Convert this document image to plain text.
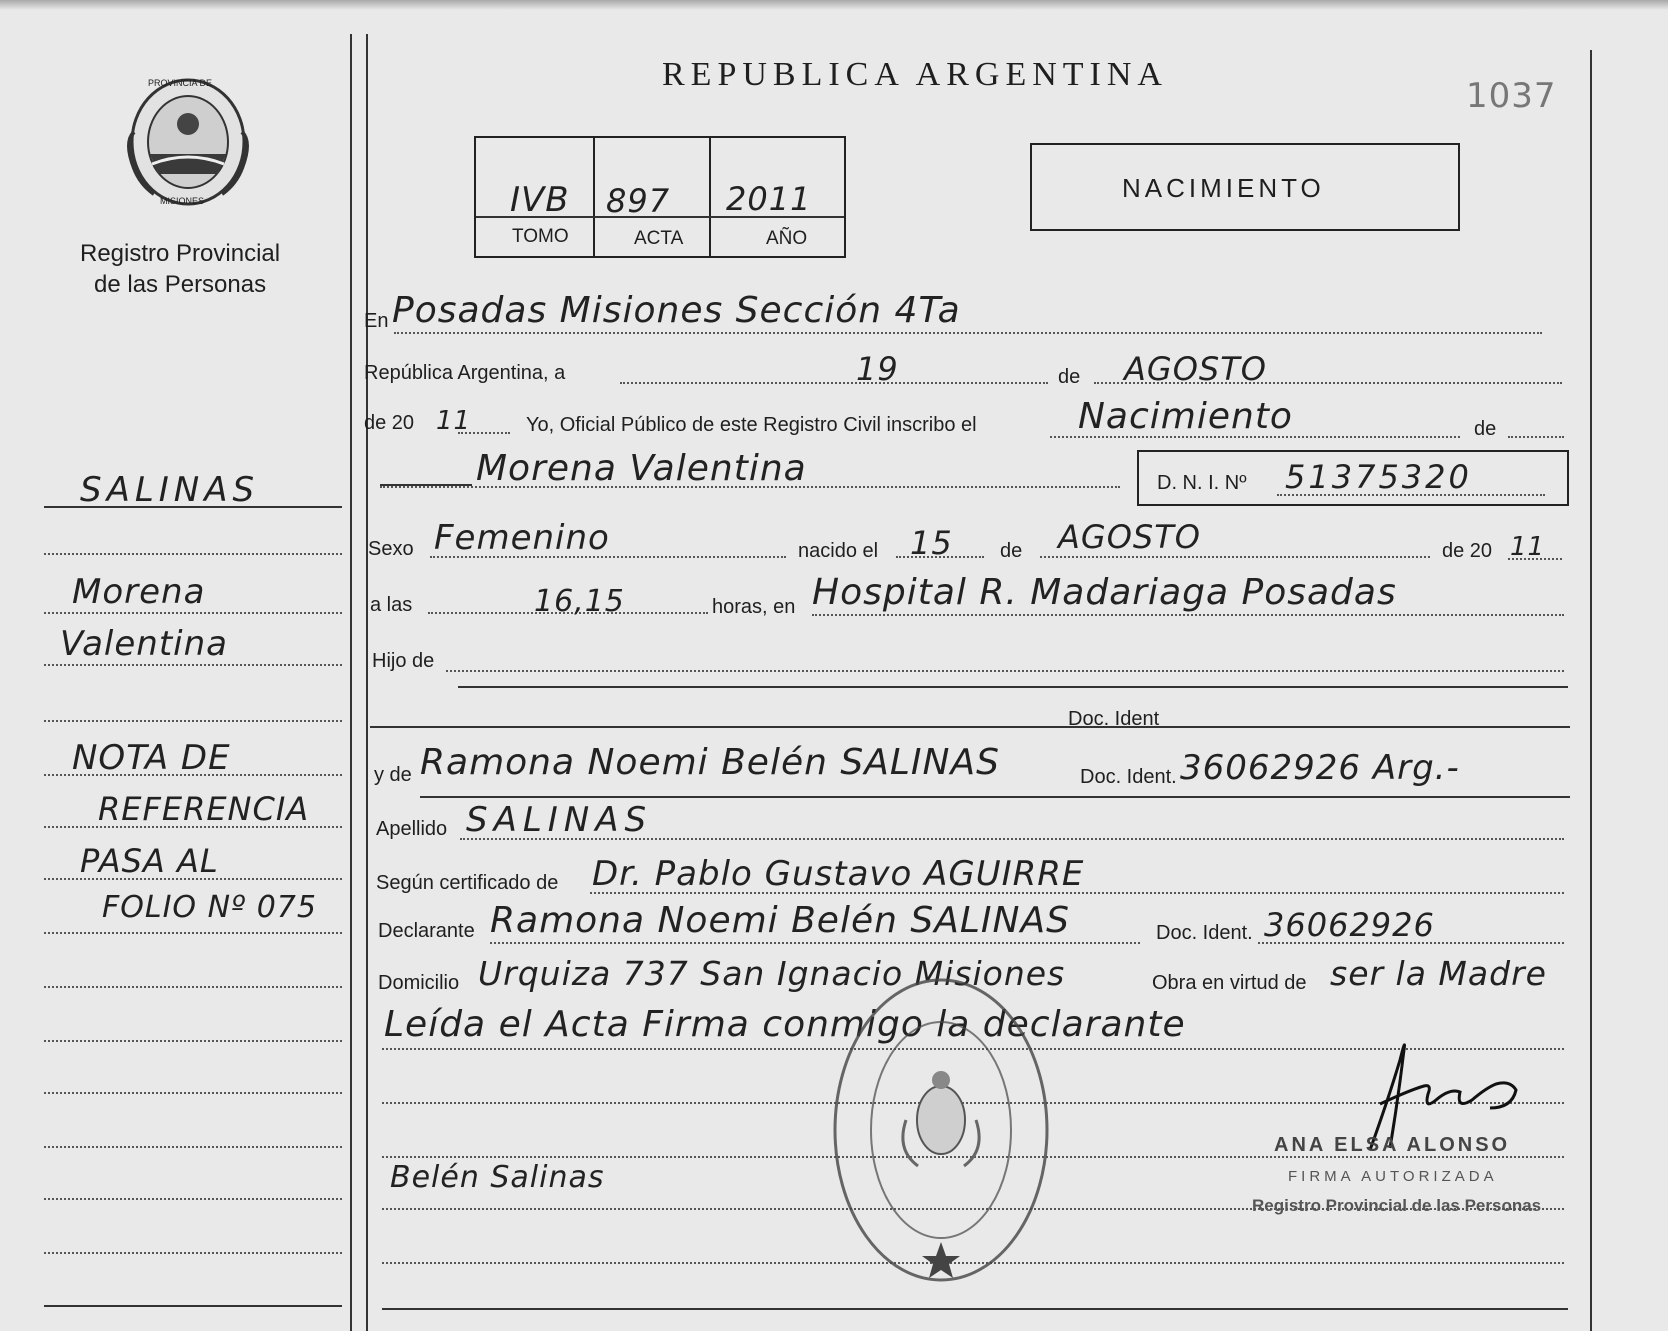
PROVINCIA DE
MISIONES
Registro Provincial
de las Personas
REPUBLICA ARGENTINA
1037
IVB 897 2011
TOMO	ACTA	AÑO
NACIMIENTO
SALINAS
Morena
Valentina
NOTA DE
REFERENCIA
PASA AL
FOLIO Nº 075
En Posadas Misiones Sección 4Ta
República Argentina, a	19	de AGOSTO
de 20 11	Yo, Oficial Público de este Registro Civil inscribo el	Nacimiento	de
Morena Valentina	D. N. I. Nº 51375320
Sexo Femenino	nacido el 15 de AGOSTO	de 20 11
a las	16,15	horas, en Hospital R. Madariaga Posadas
Hijo de
Doc. Ident
y de Ramona Noemi Belén SALINAS	Doc. Ident. 36062926 Arg.-
Apellido SALINAS
Según certificado de Dr. Pablo Gustavo AGUIRRE
Declarante Ramona Noemi Belén SALINAS	Doc. Ident. 36062926
Domicilio Urquiza 737 San Ignacio Misiones	Obra en virtud de ser la Madre
Leída el Acta Firma conmigo la declarante
Belén Salinas
ANA ELSA ALONSO
FIRMA AUTORIZADA
Registro Provincial de las Personas
